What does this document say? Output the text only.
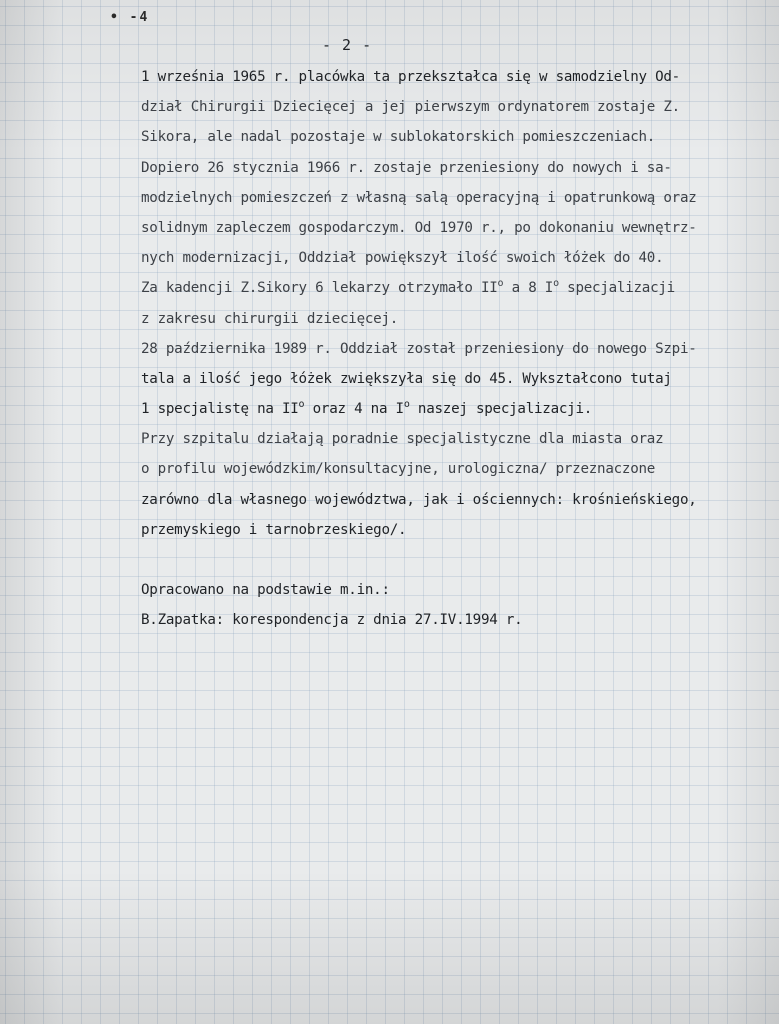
• -4
- 2 -
1 września 1965 r. placówka ta przekształca się w samodzielny Od-
dział Chirurgii Dziecięcej a jej pierwszym ordynatorem zostaje Z.
Sikora, ale nadal pozostaje w sublokatorskich pomieszczeniach.
Dopiero 26 stycznia 1966 r. zostaje przeniesiony do nowych i sa-
modzielnych pomieszczeń z własną salą operacyjną i opatrunkową oraz
solidnym zapleczem gospodarczym. Od 1970 r., po dokonaniu wewnętrz-
nych modernizacji, Oddział powiększył ilość swoich łóżek do 40.
Za kadencji Z.Sikory 6 lekarzy otrzymało $II^o$ a 8 $I^o$ specjalizacji
z zakresu chirurgii dziecięcej.
28 października 1989 r. Oddział został przeniesiony do nowego Szpi-
tala a ilość jego łóżek zwiększyła się do 45. Wykształcono tutaj
1 specjalistę na $II^o$ oraz 4 na $I^o$ naszej specjalizacji.
Przy szpitalu działają poradnie specjalistyczne dla miasta oraz
o profilu wojewódzkim/konsultacyjne, urologiczna/ przeznaczone
zarówno dla własnego województwa, jak i ościennych: krośnieńskiego,
przemyskiego i tarnobrzeskiego/.
Opracowano na podstawie m.in.:
B.Zapatka: korespondencja z dnia 27.IV.1994 r.
